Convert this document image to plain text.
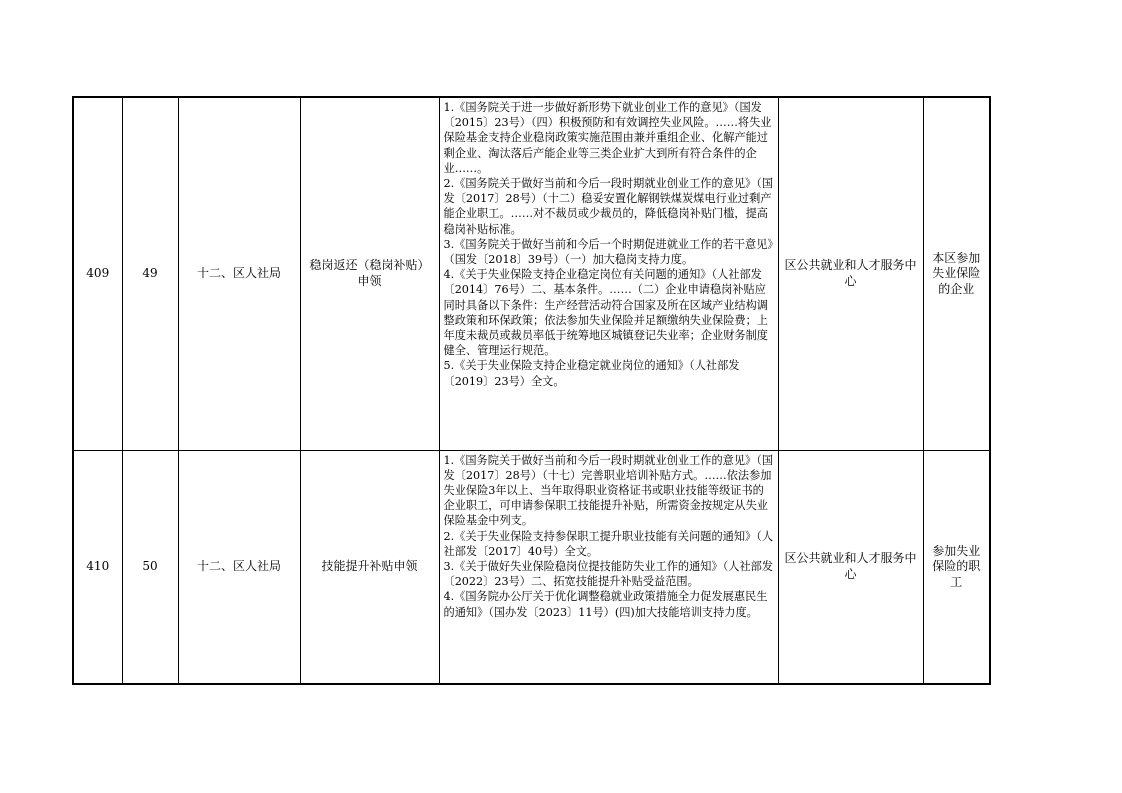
409	49	十二、区人社局	稳岗返还（稳岗补贴）申领	1.《国务院关于进一步做好新形势下就业创业工作的意见》（国发〔2015〕23号）（四）积极预防和有效调控失业风险。……将失业保险基金支持企业稳岗政策实施范围由兼并重组企业、化解产能过剩企业、淘汰落后产能企业等三类企业扩大到所有符合条件的企业……。
2.《国务院关于做好当前和今后一段时期就业创业工作的意见》（国发〔2017〕28号）（十二）稳妥安置化解钢铁煤炭煤电行业过剩产能企业职工。……对不裁员或少裁员的，降低稳岗补贴门槛，提高稳岗补贴标准。
3.《国务院关于做好当前和今后一个时期促进就业工作的若干意见》（国发〔2018〕39号）（一）加大稳岗支持力度。
4.《关于失业保险支持企业稳定岗位有关问题的通知》（人社部发〔2014〕76号）二、基本条件。……（二）企业申请稳岗补贴应同时具备以下条件：生产经营活动符合国家及所在区域产业结构调整政策和环保政策；依法参加失业保险并足额缴纳失业保险费；上年度未裁员或裁员率低于统筹地区城镇登记失业率；企业财务制度健全、管理运行规范。
5.《关于失业保险支持企业稳定就业岗位的通知》（人社部发〔2019〕23号）全文。	区公共就业和人才服务中心	本区参加失业保险的企业
410	50	十二、区人社局	技能提升补贴申领	1.《国务院关于做好当前和今后一段时期就业创业工作的意见》（国发〔2017〕28号）（十七）完善职业培训补贴方式。……依法参加失业保险3年以上、当年取得职业资格证书或职业技能等级证书的企业职工，可申请参保职工技能提升补贴，所需资金按规定从失业保险基金中列支。
2.《关于失业保险支持参保职工提升职业技能有关问题的通知》（人社部发〔2017〕40号）全文。
3.《关于做好失业保险稳岗位提技能防失业工作的通知》（人社部发〔2022〕23号）二、拓宽技能提升补贴受益范围。
4.《国务院办公厅关于优化调整稳就业政策措施全力促发展惠民生的通知》（国办发〔2023〕11号）(四)加大技能培训支持力度。	区公共就业和人才服务中心	参加失业保险的职工
